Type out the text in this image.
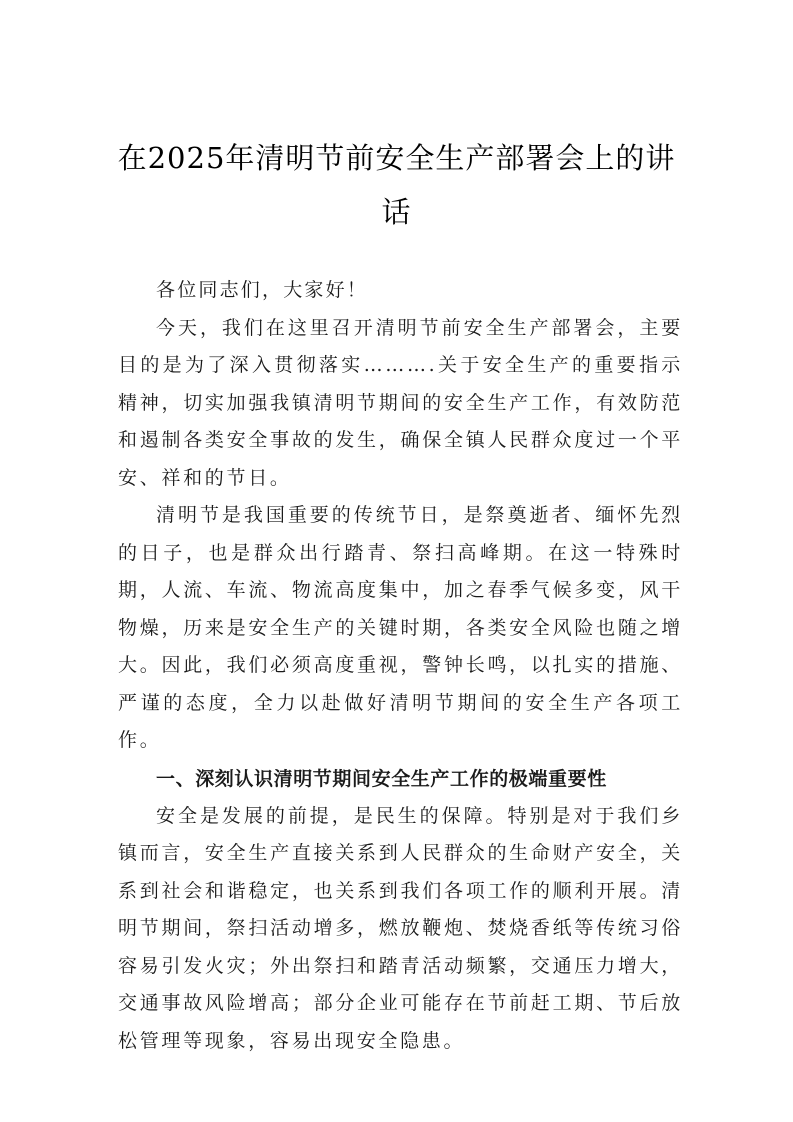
在2025年清明节前安全生产部署会上的讲
话

各位同志们，大家好！

今天，我们在这里召开清明节前安全生产部署会，主要目的是为了深入贯彻落实……….关于安全生产的重要指示精神，切实加强我镇清明节期间的安全生产工作，有效防范和遏制各类安全事故的发生，确保全镇人民群众度过一个平安、祥和的节日。

清明节是我国重要的传统节日，是祭奠逝者、缅怀先烈的日子，也是群众出行踏青、祭扫高峰期。在这一特殊时期，人流、车流、物流高度集中，加之春季气候多变，风干物燥，历来是安全生产的关键时期，各类安全风险也随之增大。因此，我们必须高度重视，警钟长鸣，以扎实的措施、严谨的态度，全力以赴做好清明节期间的安全生产各项工作。

一、深刻认识清明节期间安全生产工作的极端重要性

安全是发展的前提，是民生的保障。特别是对于我们乡镇而言，安全生产直接关系到人民群众的生命财产安全，关系到社会和谐稳定，也关系到我们各项工作的顺利开展。清明节期间，祭扫活动增多，燃放鞭炮、焚烧香纸等传统习俗容易引发火灾；外出祭扫和踏青活动频繁，交通压力增大，交通事故风险增高；部分企业可能存在节前赶工期、节后放松管理等现象，容易出现安全隐患。
